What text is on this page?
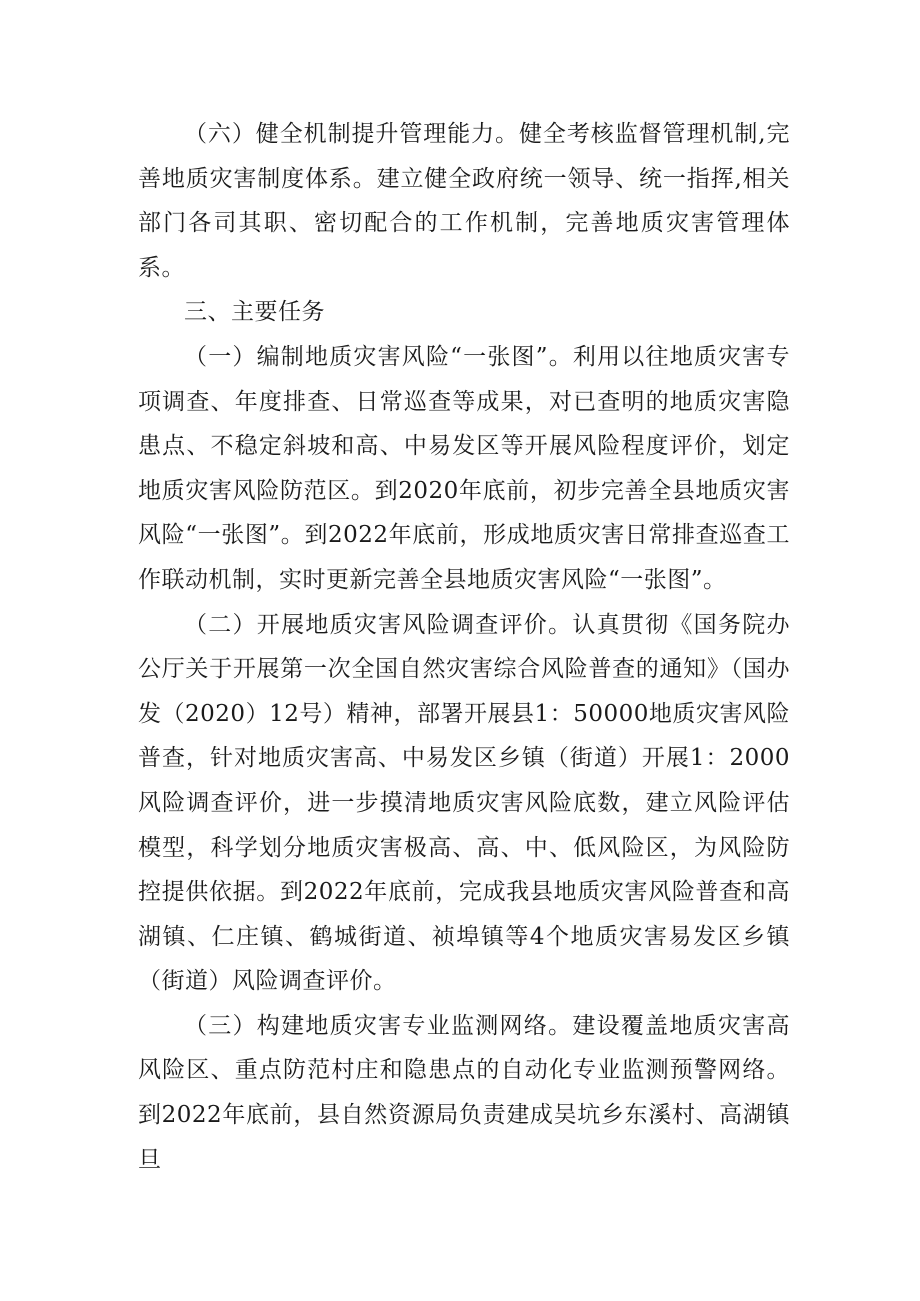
（六）健全机制提升管理能力。健全考核监督管理机制,完善地质灾害制度体系。建立健全政府统一领导、统一指挥,相关部门各司其职、密切配合的工作机制，完善地质灾害管理体系。

三、主要任务

（一）编制地质灾害风险“一张图”。利用以往地质灾害专项调查、年度排查、日常巡查等成果，对已查明的地质灾害隐患点、不稳定斜坡和高、中易发区等开展风险程度评价，划定地质灾害风险防范区。到2020年底前，初步完善全县地质灾害风险“一张图”。到2022年底前，形成地质灾害日常排查巡查工作联动机制，实时更新完善全县地质灾害风险“一张图”。

（二）开展地质灾害风险调查评价。认真贯彻《国务院办公厅关于开展第一次全国自然灾害综合风险普查的通知》（国办发（2020）12号）精神，部署开展县1：50000地质灾害风险普查，针对地质灾害高、中易发区乡镇（街道）开展1：2000风险调查评价，进一步摸清地质灾害风险底数，建立风险评估模型，科学划分地质灾害极高、高、中、低风险区，为风险防控提供依据。到2022年底前，完成我县地质灾害风险普查和高湖镇、仁庄镇、鹤城街道、祯埠镇等4个地质灾害易发区乡镇（街道）风险调查评价。

（三）构建地质灾害专业监测网络。建设覆盖地质灾害高风险区、重点防范村庄和隐患点的自动化专业监测预警网络。到2022年底前，县自然资源局负责建成吴坑乡东溪村、高湖镇旦
